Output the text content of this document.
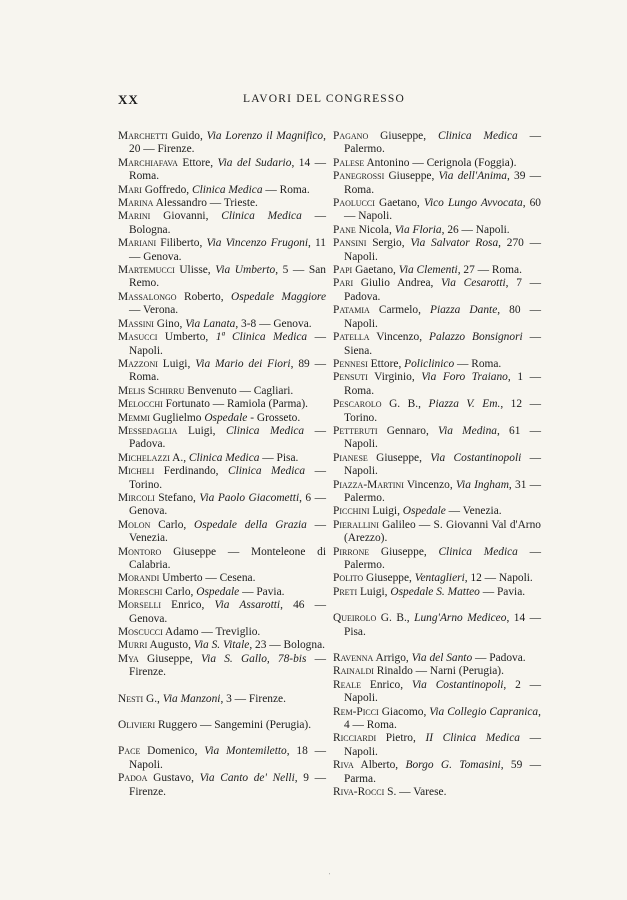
XX	LAVORI DEL CONGRESSO
Marchetti Guido, Via Lorenzo il Magnifico, 20 — Firenze.
Marchiafava Ettore, Via del Sudario, 14 — Roma.
Mari Goffredo, Clinica Medica — Roma.
Marina Alessandro — Trieste.
Marini Giovanni, Clinica Medica — Bologna.
Mariani Filiberto, Via Vincenzo Frugoni, 11 — Genova.
Martemucci Ulisse, Via Umberto, 5 — San Remo.
Massalongo Roberto, Ospedale Maggiore — Verona.
Massini Gino, Via Lanata, 3-8 — Genova.
Masucci Umberto, 1ª Clinica Medica — Napoli.
Mazzoni Luigi, Via Mario dei Fiori, 89 — Roma.
Melis Schirru Benvenuto — Cagliari.
Melocchi Fortunato — Ramiola (Parma).
Memmi Guglielmo Ospedale - Grosseto.
Messedaglia Luigi, Clinica Medica — Padova.
Michelazzi A., Clinica Medica — Pisa.
Micheli Ferdinando, Clinica Medica — Torino.
Mircoli Stefano, Via Paolo Giacometti, 6 — Genova.
Molon Carlo, Ospedale della Grazia — Venezia.
Montoro Giuseppe — Monteleone di Calabria.
Morandi Umberto — Cesena.
Moreschi Carlo, Ospedale — Pavia.
Morselli Enrico, Via Assarotti, 46 — Genova.
Moscucci Adamo — Treviglio.
Murri Augusto, Via S. Vitale, 23 — Bologna.
Mya Giuseppe, Via S. Gallo, 78-bis — Firenze.
Nesti G., Via Manzoni, 3 — Firenze.
Olivieri Ruggero — Sangemini (Perugia).
Pace Domenico, Via Montemiletto, 18 — Napoli.
Padoa Gustavo, Via Canto de' Nelli, 9 — Firenze.
Pagano Giuseppe, Clinica Medica — Palermo.
Palese Antonino — Cerignola (Foggia).
Panegrossi Giuseppe, Via dell'Anima, 39 — Roma.
Paolucci Gaetano, Vico Lungo Avvocata, 60 — Napoli.
Pane Nicola, Via Floria, 26 — Napoli.
Pansini Sergio, Via Salvator Rosa, 270 — Napoli.
Papi Gaetano, Via Clementi, 27 — Roma.
Pari Giulio Andrea, Via Cesarotti, 7 — Padova.
Patamia Carmelo, Piazza Dante, 80 — Napoli.
Patella Vincenzo, Palazzo Bonsignori — Siena.
Pennesi Ettore, Policlinico — Roma.
Pensuti Virginio, Via Foro Traiano, 1 — Roma.
Pescarolo G. B., Piazza V. Em., 12 — Torino.
Petteruti Gennaro, Via Medina, 61 — Napoli.
Pianese Giuseppe, Via Costantinopoli — Napoli.
Piazza-Martini Vincenzo, Via Ingham, 31 — Palermo.
Picchini Luigi, Ospedale — Venezia.
Pierallini Galileo — S. Giovanni Val d'Arno (Arezzo).
Pirrone Giuseppe, Clinica Medica — Palermo.
Polito Giuseppe, Ventaglieri, 12 — Napoli.
Preti Luigi, Ospedale S. Matteo — Pavia.
Queirolo G. B., Lung'Arno Mediceo, 14 — Pisa.
Ravenna Arrigo, Via del Santo — Padova.
Rainaldi Rinaldo — Narni (Perugia).
Reale Enrico, Via Costantinopoli, 2 — Napoli.
Rem-Picci Giacomo, Via Collegio Capranica, 4 — Roma.
Ricciardi Pietro, II Clinica Medica — Napoli.
Riva Alberto, Borgo G. Tomasini, 59 — Parma.
Riva-Rocci S. — Varese.
'
